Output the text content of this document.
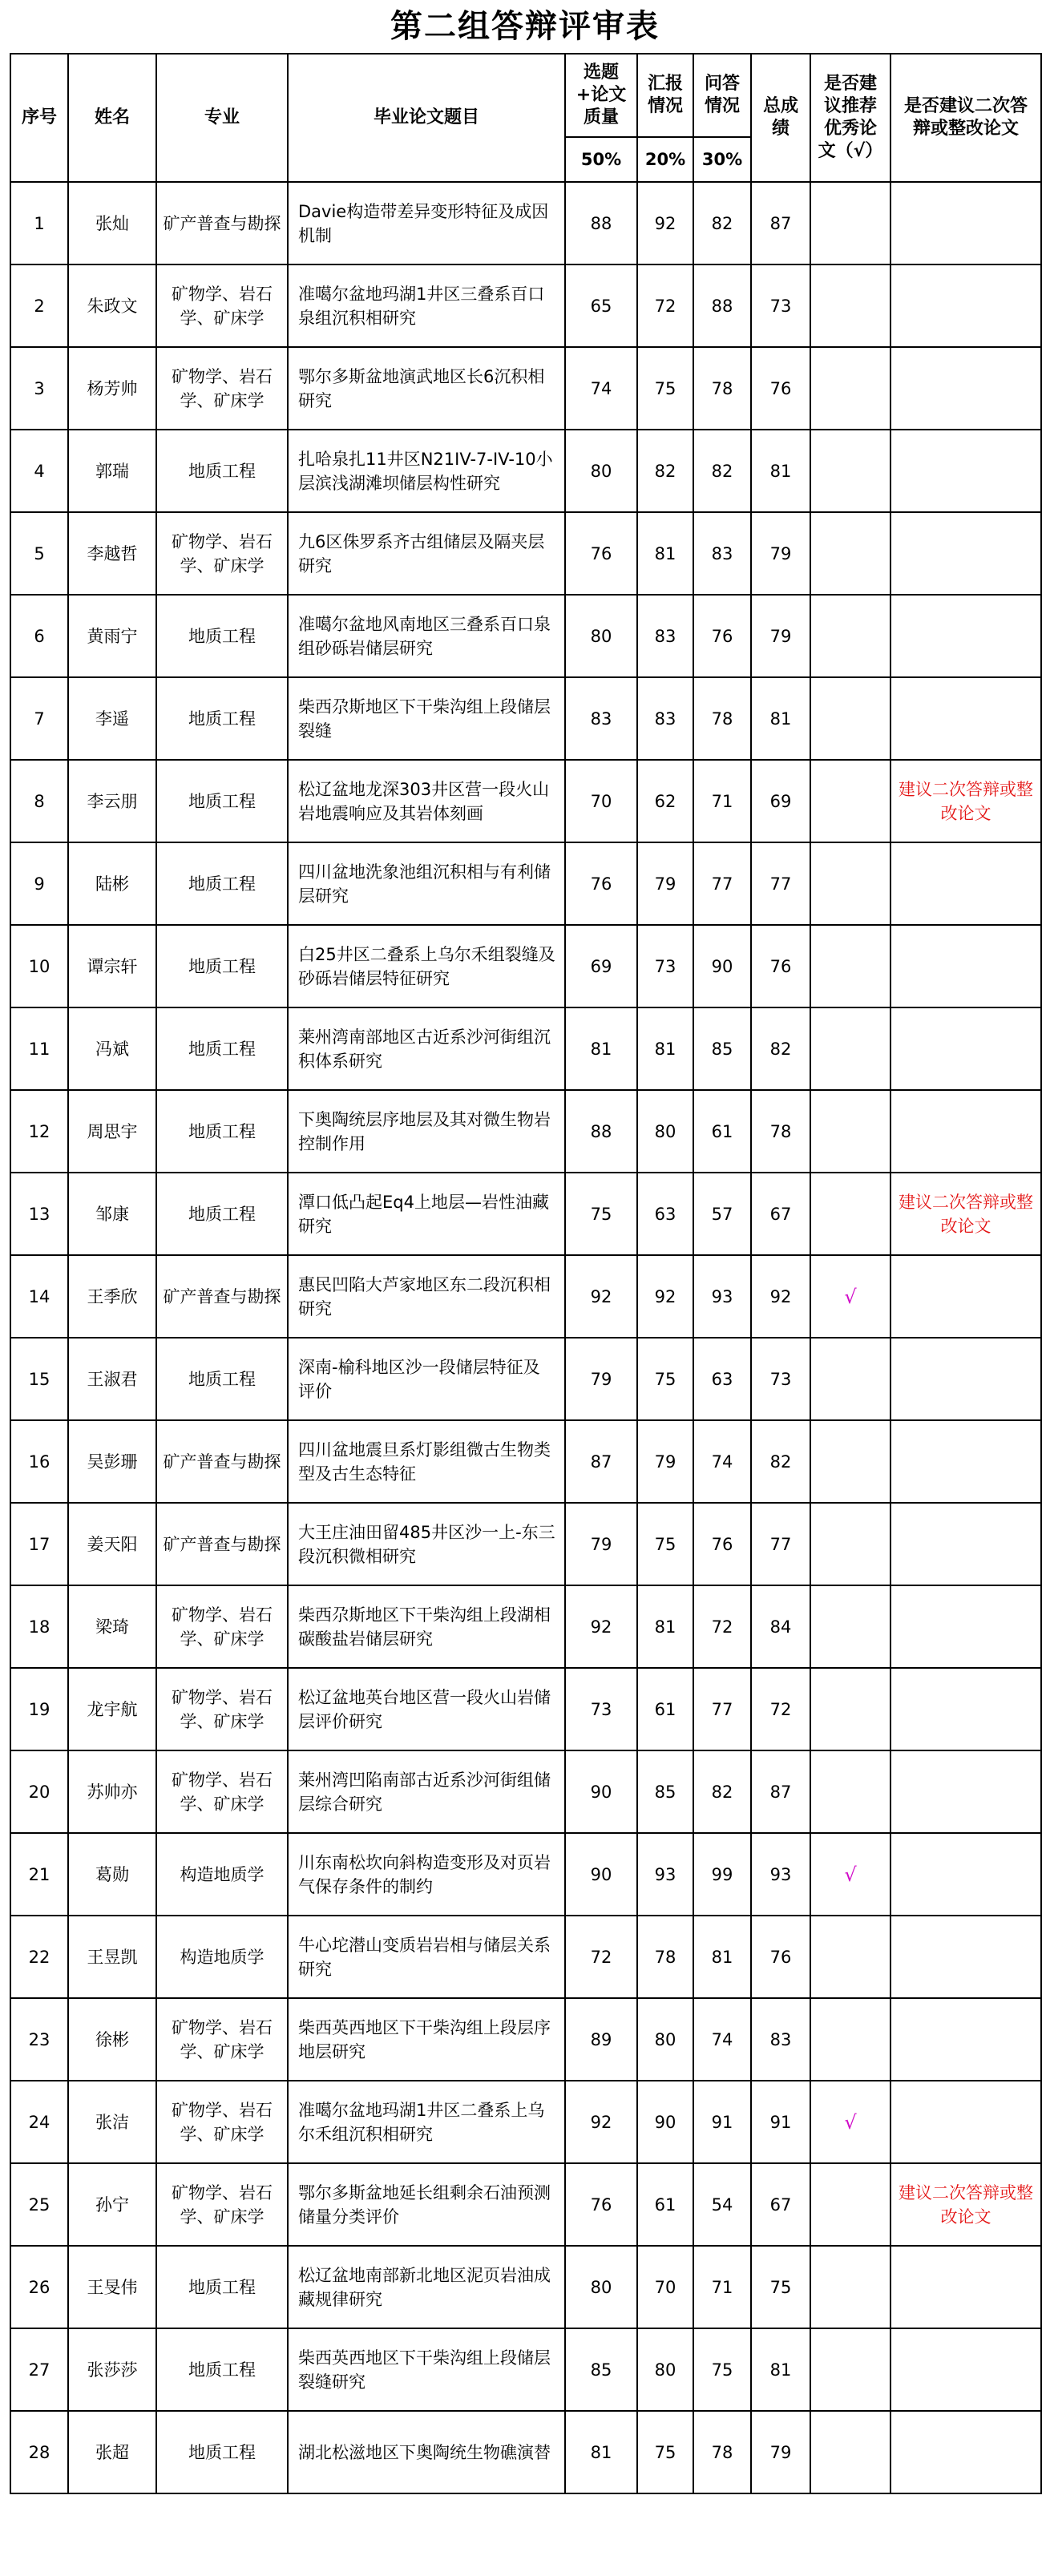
第二组答辩评审表
序号	姓名	专业	毕业论文题目	选题+论文质量	汇报情况	问答情况	总成绩	是否建议推荐优秀论文（√）	是否建议二次答辩或整改论文
				50%	20%	30%			
1	张灿	矿产普查与勘探	Davie构造带差异变形特征及成因机制	88	92	82	87		
2	朱政文	矿物学、岩石学、矿床学	准噶尔盆地玛湖1井区三叠系百口泉组沉积相研究	65	72	88	73		
3	杨芳帅	矿物学、岩石学、矿床学	鄂尔多斯盆地演武地区长6沉积相研究	74	75	78	76		
4	郭瑞	地质工程	扎哈泉扎11井区N21IV-7-IV-10小层滨浅湖滩坝储层构性研究	80	82	82	81		
5	李越哲	矿物学、岩石学、矿床学	九6区侏罗系齐古组储层及隔夹层研究	76	81	83	79		
6	黄雨宁	地质工程	准噶尔盆地风南地区三叠系百口泉组砂砾岩储层研究	80	83	76	79		
7	李遥	地质工程	柴西尕斯地区下干柴沟组上段储层裂缝	83	83	78	81		
8	李云朋	地质工程	松辽盆地龙深303井区营一段火山岩地震响应及其岩体刻画	70	62	71	69		建议二次答辩或整改论文
9	陆彬	地质工程	四川盆地洗象池组沉积相与有利储层研究	76	79	77	77		
10	谭宗轩	地质工程	白25井区二叠系上乌尔禾组裂缝及砂砾岩储层特征研究	69	73	90	76		
11	冯斌	地质工程	莱州湾南部地区古近系沙河街组沉积体系研究	81	81	85	82		
12	周思宇	地质工程	下奥陶统层序地层及其对微生物岩控制作用	88	80	61	78		
13	邹康	地质工程	潭口低凸起Eq4上地层—岩性油藏研究	75	63	57	67		建议二次答辩或整改论文
14	王季欣	矿产普查与勘探	惠民凹陷大芦家地区东二段沉积相研究	92	92	93	92	√	
15	王淑君	地质工程	深南-榆科地区沙一段储层特征及评价	79	75	63	73		
16	吴彭珊	矿产普查与勘探	四川盆地震旦系灯影组微古生物类型及古生态特征	87	79	74	82		
17	姜天阳	矿产普查与勘探	大王庄油田留485井区沙一上-东三段沉积微相研究	79	75	76	77		
18	梁琦	矿物学、岩石学、矿床学	柴西尕斯地区下干柴沟组上段湖相碳酸盐岩储层研究	92	81	72	84		
19	龙宇航	矿物学、岩石学、矿床学	松辽盆地英台地区营一段火山岩储层评价研究	73	61	77	72		
20	苏帅亦	矿物学、岩石学、矿床学	莱州湾凹陷南部古近系沙河街组储层综合研究	90	85	82	87		
21	葛勋	构造地质学	川东南松坎向斜构造变形及对页岩气保存条件的制约	90	93	99	93	√	
22	王昱凯	构造地质学	牛心坨潜山变质岩岩相与储层关系研究	72	78	81	76		
23	徐彬	矿物学、岩石学、矿床学	柴西英西地区下干柴沟组上段层序地层研究	89	80	74	83		
24	张洁	矿物学、岩石学、矿床学	准噶尔盆地玛湖1井区二叠系上乌尔禾组沉积相研究	92	90	91	91	√	
25	孙宁	矿物学、岩石学、矿床学	鄂尔多斯盆地延长组剩余石油预测储量分类评价	76	61	54	67		建议二次答辩或整改论文
26	王旻伟	地质工程	松辽盆地南部新北地区泥页岩油成藏规律研究	80	70	71	75		
27	张莎莎	地质工程	柴西英西地区下干柴沟组上段储层裂缝研究	85	80	75	81		
28	张超	地质工程	湖北松滋地区下奥陶统生物礁演替	81	75	78	79		
